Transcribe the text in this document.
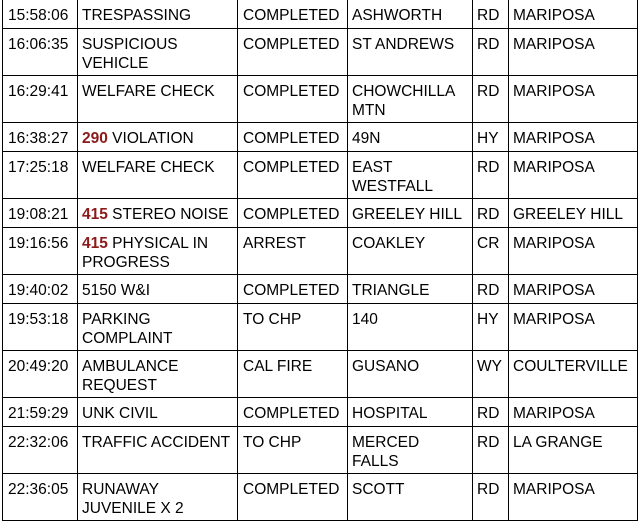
15:58:06	TRESPASSING	COMPLETED	ASHWORTH	RD	MARIPOSA
16:06:35	SUSPICIOUS VEHICLE	COMPLETED	ST ANDREWS	RD	MARIPOSA
16:29:41	WELFARE CHECK	COMPLETED	CHOWCHILLA MTN	RD	MARIPOSA
16:38:27	290 VIOLATION	COMPLETED	49N	HY	MARIPOSA
17:25:18	WELFARE CHECK	COMPLETED	EAST WESTFALL	RD	MARIPOSA
19:08:21	415 STEREO NOISE	COMPLETED	GREELEY HILL	RD	GREELEY HILL
19:16:56	415 PHYSICAL IN PROGRESS	ARREST	COAKLEY	CR	MARIPOSA
19:40:02	5150 W&I	COMPLETED	TRIANGLE	RD	MARIPOSA
19:53:18	PARKING COMPLAINT	TO CHP	140	HY	MARIPOSA
20:49:20	AMBULANCE REQUEST	CAL FIRE	GUSANO	WY	COULTERVILLE
21:59:29	UNK CIVIL	COMPLETED	HOSPITAL	RD	MARIPOSA
22:32:06	TRAFFIC ACCIDENT	TO CHP	MERCED FALLS	RD	LA GRANGE
22:36:05	RUNAWAY JUVENILE X 2	COMPLETED	SCOTT	RD	MARIPOSA
